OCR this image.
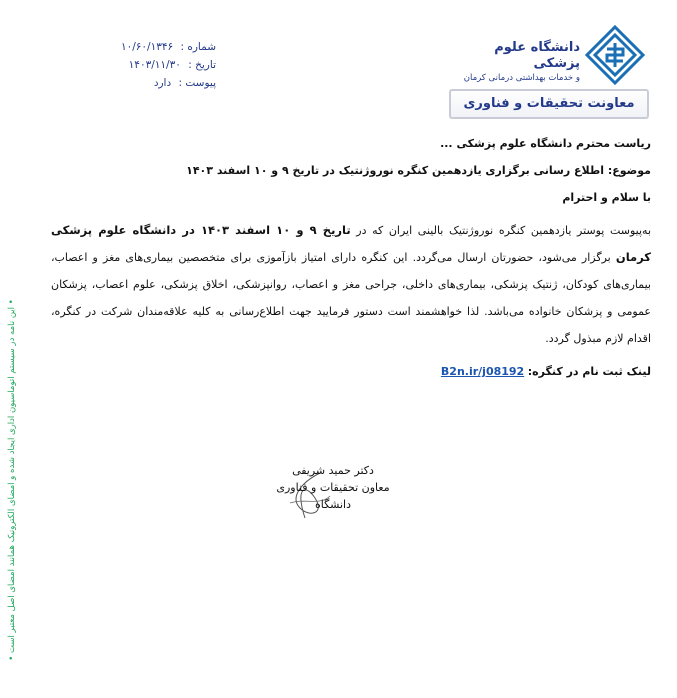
شماره : ۱۰/۶۰/۱۳۴۶
تاریخ : ۱۴۰۳/۱۱/۳۰
پیوست : دارد
دانشگاه علوم پزشکی
و خدمات بهداشتی درمانی کرمان
معاونت تحقیقات و فناوری
ریاست محترم دانشگاه علوم پزشکی ...
موضوع: اطلاع رسانی برگزاری یازدهمین کنگره نوروژنتیک در تاریخ ۹ و ۱۰ اسفند ۱۴۰۳
با سلام و احترام

به‌پیوست پوستر یازدهمین کنگره نوروژنتیک بالینی ایران که در تاریخ ۹ و ۱۰ اسفند ۱۴۰۳ در دانشگاه علوم پزشکی کرمان برگزار می‌شود، حضورتان ارسال می‌گردد. این کنگره دارای امتیاز بازآموزی برای متخصصین بیماری‌های مغز و اعصاب، بیماری‌های کودکان، ژنتیک پزشکی، بیماری‌های داخلی، جراحی مغز و اعصاب، روانپزشکی، اخلاق پزشکی، علوم اعصاب، پزشکان عمومی و پزشکان خانواده می‌باشد. لذا خواهشمند است دستور فرمایید جهت اطلاع‌رسانی به کلیه علاقه‌مندان شرکت در کنگره، اقدام لازم مبذول گردد.

لینک ثبت نام در کنگره: B2n.ir/j08192
دکتر حمید شریفی
معاون تحقیقات و فناوری دانشگاه
• این نامه در سیستم اتوماسیون اداری ایجاد شده و امضای الکترونیک همانند امضای اصل معتبر است •
